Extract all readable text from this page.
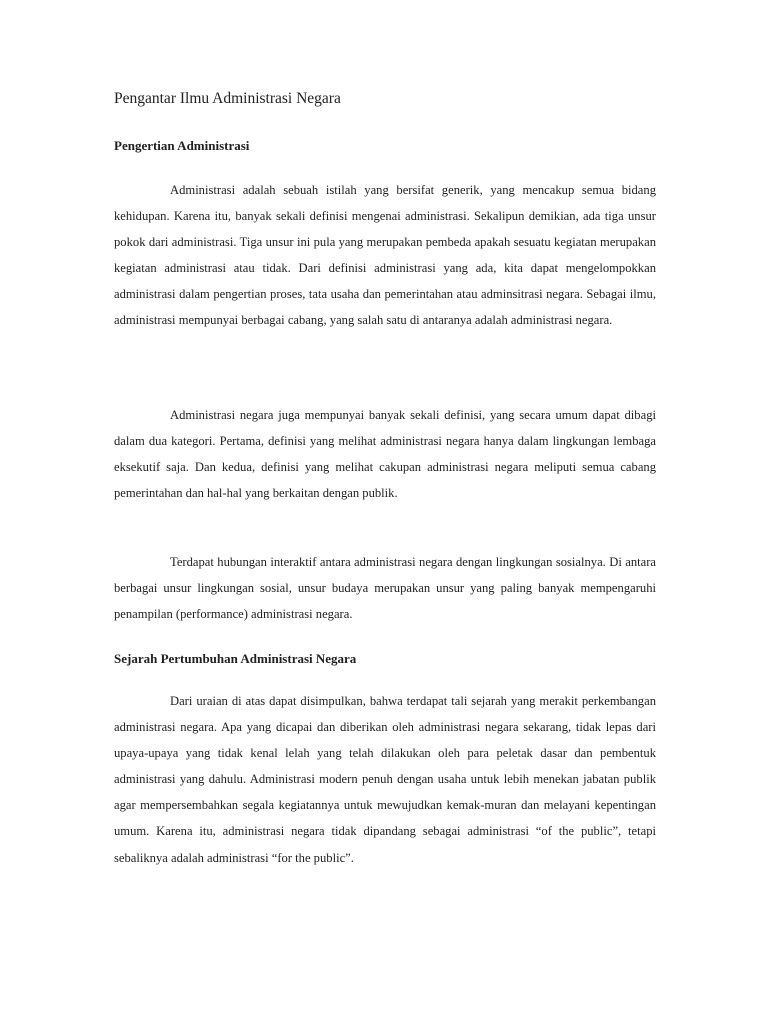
Pengantar Ilmu Administrasi Negara
Pengertian Administrasi

Administrasi adalah sebuah istilah yang bersifat generik, yang mencakup semua bidang kehidupan. Karena itu, banyak sekali definisi mengenai administrasi. Sekalipun demikian, ada tiga unsur pokok dari administrasi. Tiga unsur ini pula yang merupakan pembeda apakah sesuatu kegiatan merupakan kegiatan administrasi atau tidak. Dari definisi administrasi yang ada, kita dapat mengelompokkan administrasi dalam pengertian proses, tata usaha dan pemerintahan atau adminsitrasi negara. Sebagai ilmu, administrasi mempunyai berbagai cabang, yang salah satu di antaranya adalah administrasi negara.

Administrasi negara juga mempunyai banyak sekali definisi, yang secara umum dapat dibagi dalam dua kategori. Pertama, definisi yang melihat administrasi negara hanya dalam lingkungan lembaga eksekutif saja. Dan kedua, definisi yang melihat cakupan administrasi negara meliputi semua cabang pemerintahan dan hal-hal yang berkaitan dengan publik.

Terdapat hubungan interaktif antara administrasi negara dengan lingkungan sosialnya. Di antara berbagai unsur lingkungan sosial, unsur budaya merupakan unsur yang paling banyak mempengaruhi penampilan (performance) administrasi negara.

Sejarah Pertumbuhan Administrasi Negara

Dari uraian di atas dapat disimpulkan, bahwa terdapat tali sejarah yang merakit perkembangan administrasi negara. Apa yang dicapai dan diberikan oleh administrasi negara sekarang, tidak lepas dari upaya-upaya yang tidak kenal lelah yang telah dilakukan oleh para peletak dasar dan pembentuk administrasi yang dahulu. Administrasi modern penuh dengan usaha untuk lebih menekan jabatan publik agar mempersembahkan segala kegiatannya untuk mewujudkan kemak-muran dan melayani kepentingan umum. Karena itu, administrasi negara tidak dipandang sebagai administrasi “of the public”, tetapi sebaliknya adalah administrasi “for the public”.
